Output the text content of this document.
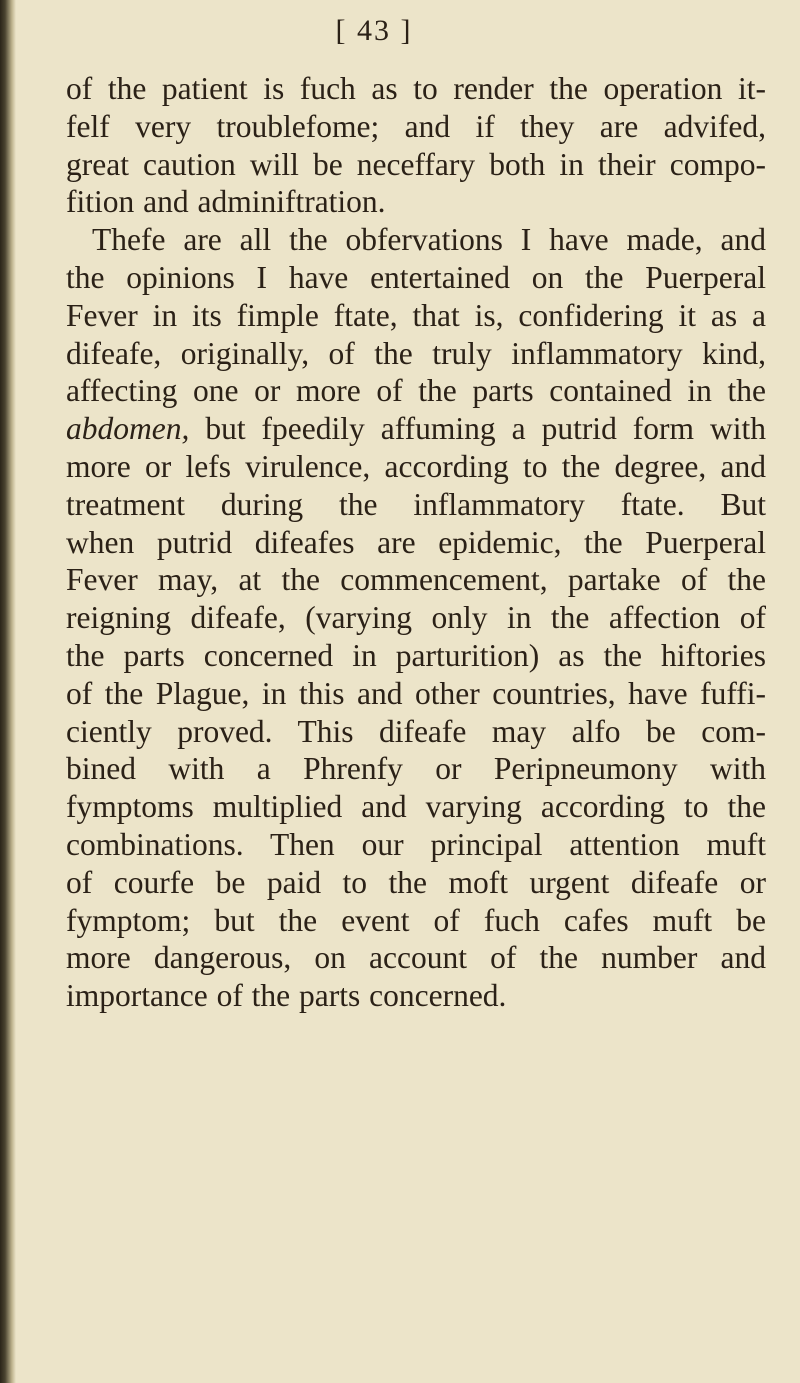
[ 43 ]
of the patient is fuch as to render the operation it-
felf very troublefome; and if they are advifed,
great caution will be neceffary both in their compo-
fition and adminiftration.
Thefe are all the obfervations I have made, and
the opinions I have entertained on the Puerperal
Fever in its fimple ftate, that is, confidering it as a
difeafe, originally, of the truly inflammatory kind,
affecting one or more of the parts contained in the
abdomen, but fpeedily affuming a putrid form with
more or lefs virulence, according to the degree, and
treatment during the inflammatory ftate. But
when putrid difeafes are epidemic, the Puerperal
Fever may, at the commencement, partake of the
reigning difeafe, (varying only in the affection of
the parts concerned in parturition) as the hiftories
of the Plague, in this and other countries, have fuffi-
ciently proved. This difeafe may alfo be com-
bined with a Phrenfy or Peripneumony with
fymptoms multiplied and varying according to the
combinations. Then our principal attention muft
of courfe be paid to the moft urgent difeafe or
fymptom; but the event of fuch cafes muft be
more dangerous, on account of the number and
importance of the parts concerned.
